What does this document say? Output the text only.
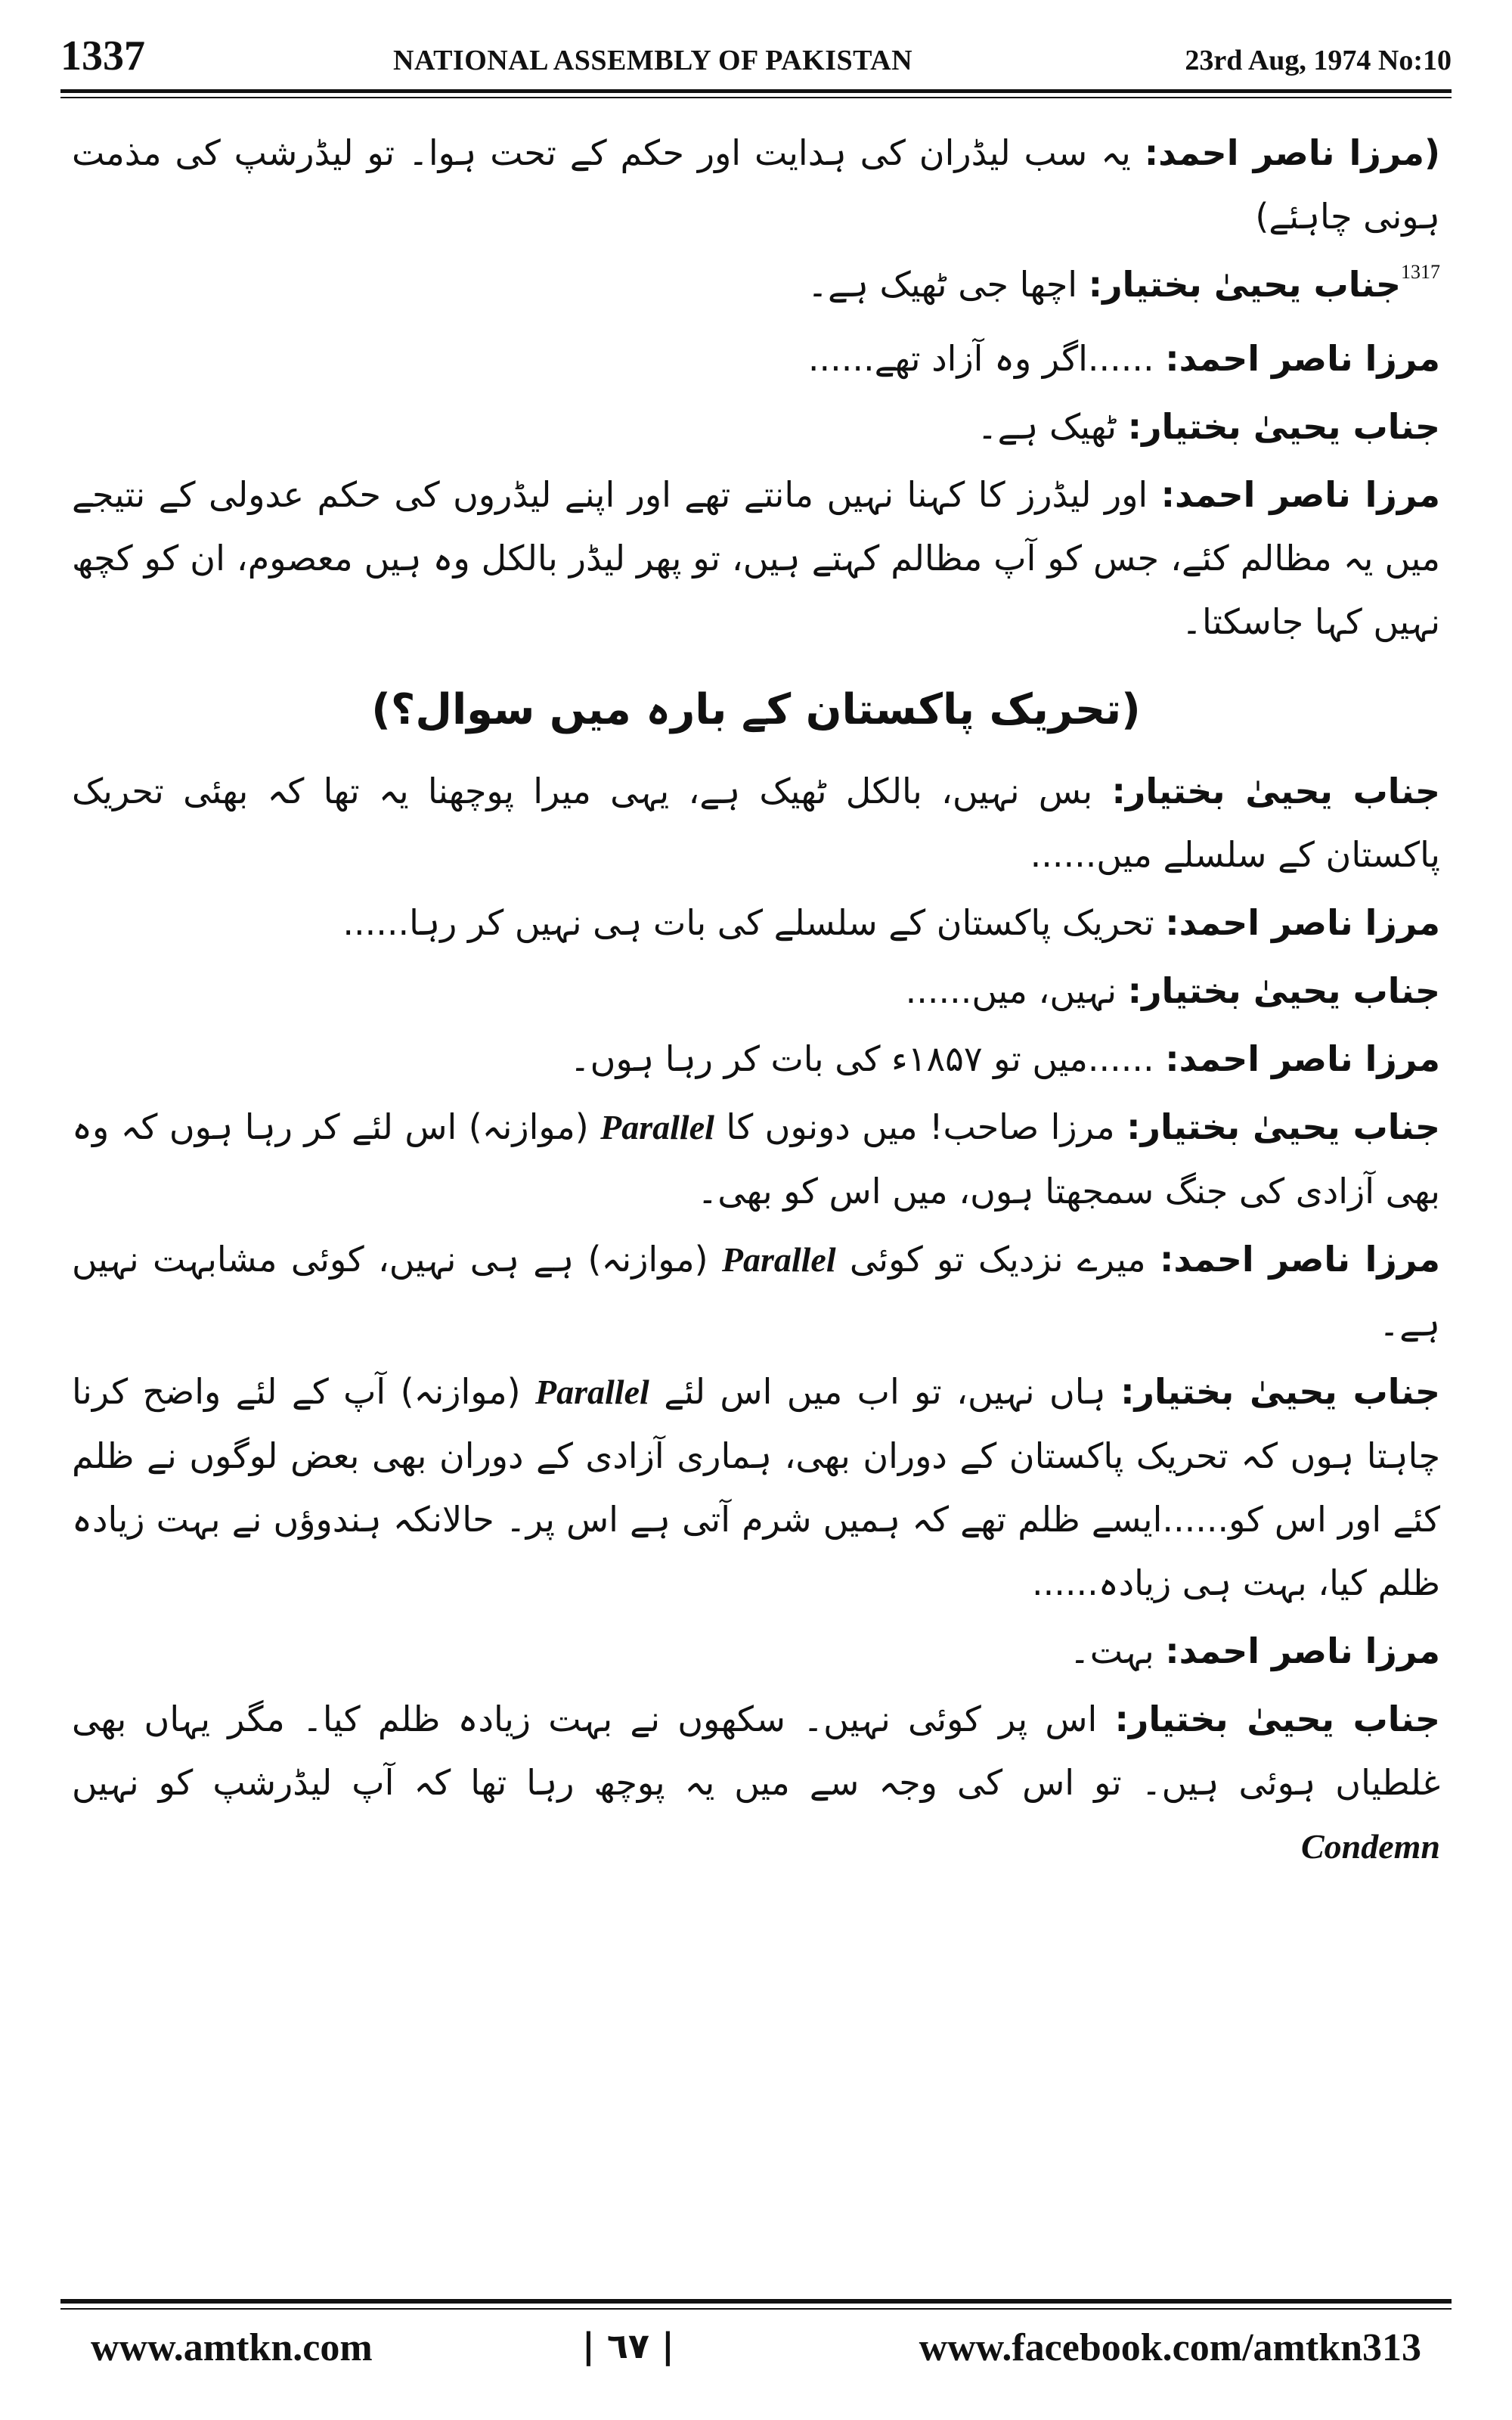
1337	NATIONAL ASSEMBLY OF PAKISTAN	23rd Aug, 1974 No:10
(مرزا ناصر احمد: یہ سب لیڈران کی ہدایت اور حکم کے تحت ہوا۔ تو لیڈرشپ کی مذمت ہونی چاہئے)
$^{1317}$جناب یحییٰ بختیار: اچھا جی ٹھیک ہے۔
مرزا ناصر احمد: ......اگر وہ آزاد تھے......
جناب یحییٰ بختیار: ٹھیک ہے۔
مرزا ناصر احمد: اور لیڈرز کا کہنا نہیں مانتے تھے اور اپنے لیڈروں کی حکم عدولی کے نتیجے میں یہ مظالم کئے، جس کو آپ مظالم کہتے ہیں، تو پھر لیڈر بالکل وہ ہیں معصوم، ان کو کچھ نہیں کہا جاسکتا۔
(تحریک پاکستان کے بارہ میں سوال؟)
جناب یحییٰ بختیار: بس نہیں، بالکل ٹھیک ہے، یہی میرا پوچھنا یہ تھا کہ بھئی تحریک پاکستان کے سلسلے میں......
مرزا ناصر احمد: تحریک پاکستان کے سلسلے کی بات ہی نہیں کر رہا......
جناب یحییٰ بختیار: نہیں، میں......
مرزا ناصر احمد: ......میں تو ۱۸۵۷ء کی بات کر رہا ہوں۔
جناب یحییٰ بختیار: مرزا صاحب! میں دونوں کا Parallel (موازنہ) اس لئے کر رہا ہوں کہ وہ بھی آزادی کی جنگ سمجھتا ہوں، میں اس کو بھی۔
مرزا ناصر احمد: میرے نزدیک تو کوئی Parallel (موازنہ) ہے ہی نہیں، کوئی مشابہت نہیں ہے۔
جناب یحییٰ بختیار: ہاں نہیں، تو اب میں اس لئے Parallel (موازنہ) آپ کے لئے واضح کرنا چاہتا ہوں کہ تحریک پاکستان کے دوران بھی، ہماری آزادی کے دوران بھی بعض لوگوں نے ظلم کئے اور اس کو......ایسے ظلم تھے کہ ہمیں شرم آتی ہے اس پر۔ حالانکہ ہندوؤں نے بہت زیادہ ظلم کیا، بہت ہی زیادہ......
مرزا ناصر احمد: بہت۔
جناب یحییٰ بختیار: اس پر کوئی نہیں۔ سکھوں نے بہت زیادہ ظلم کیا۔ مگر یہاں بھی غلطیاں ہوئی ہیں۔ تو اس کی وجہ سے میں یہ پوچھ رہا تھا کہ آپ لیڈرشپ کو نہیں Condemn
www.amtkn.com	| ٦٧ |	www.facebook.com/amtkn313
